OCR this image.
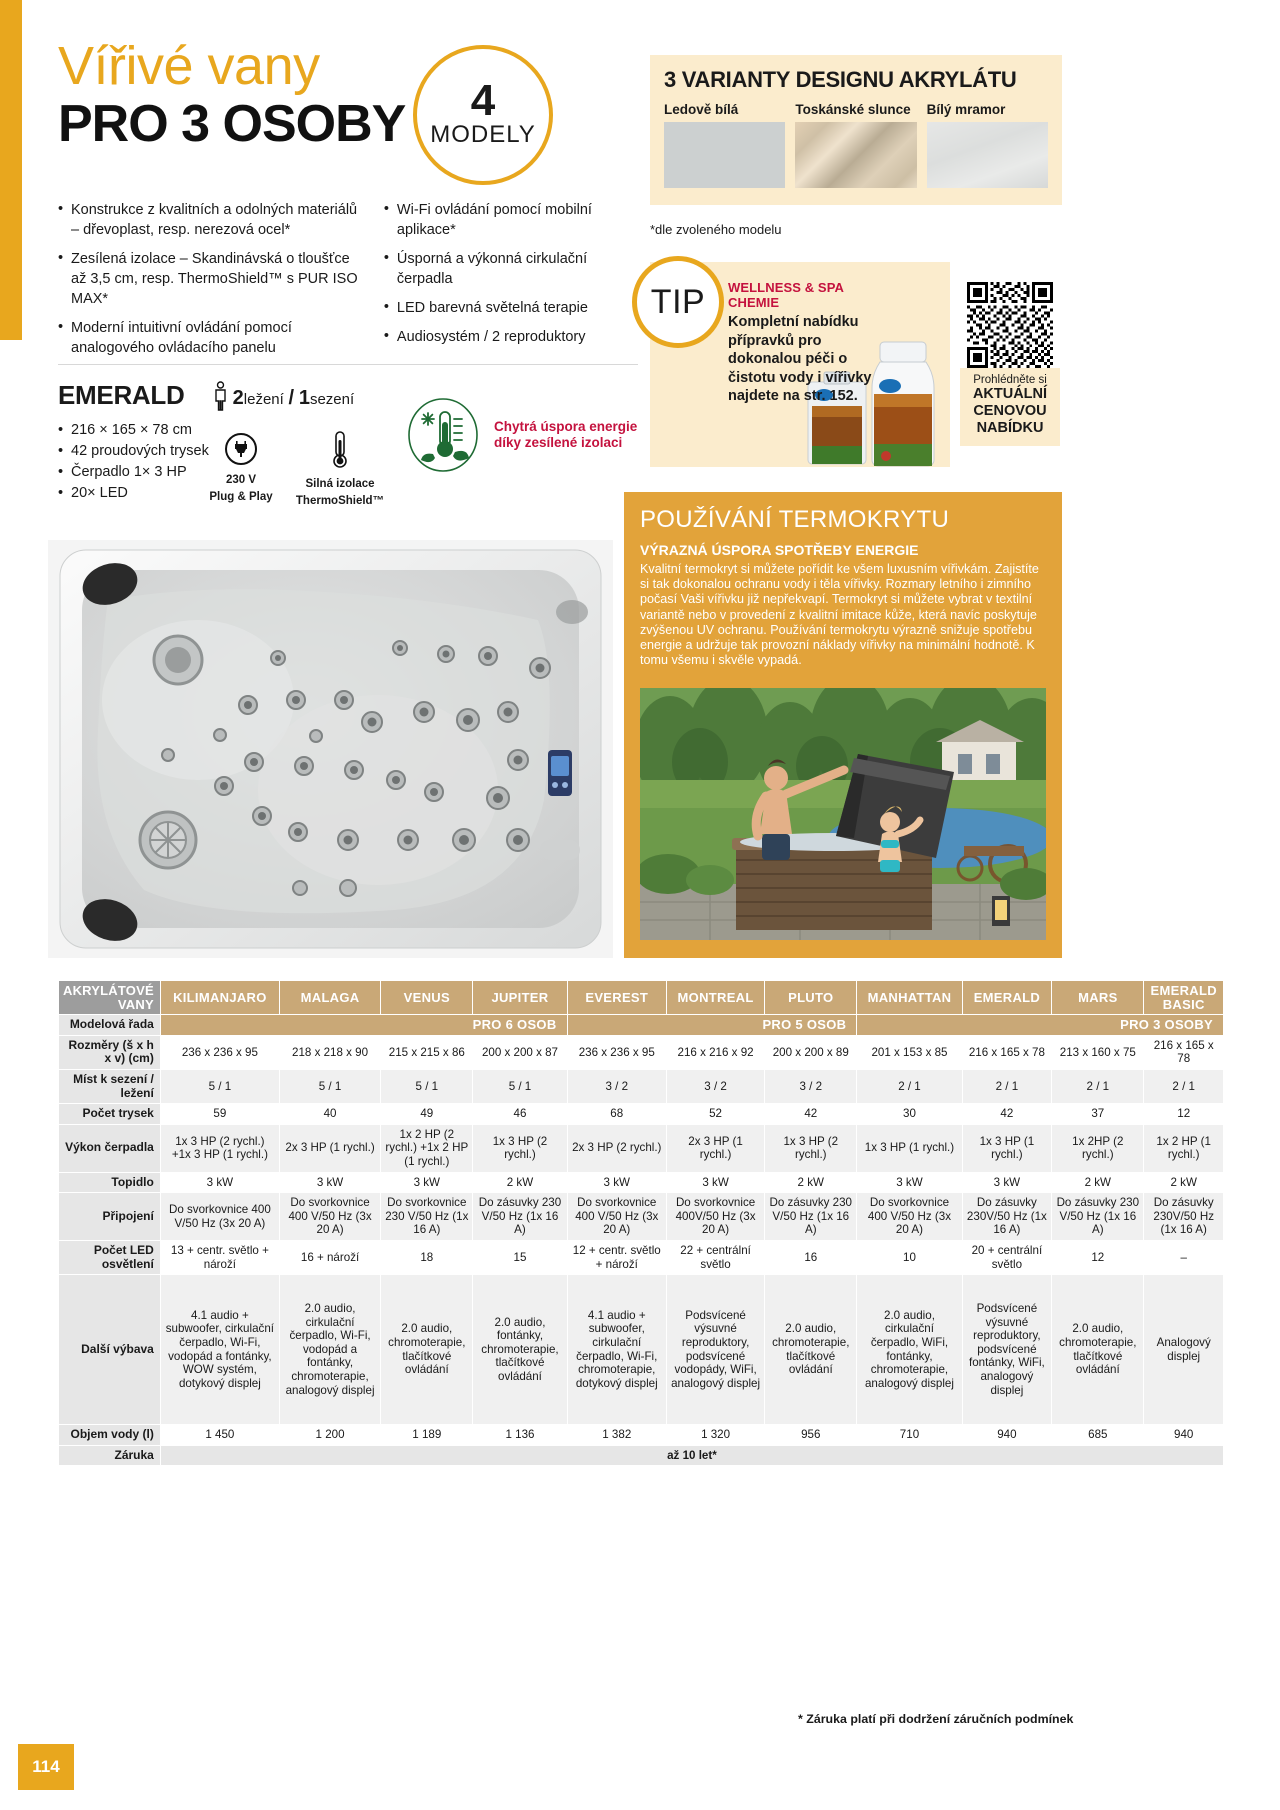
Vířivé vany
PRO 3 OSOBY	4
MODELY
• Konstrukce z kvalitních a odolných materiálů – dřevoplast, resp. nerezová ocel*
• Zesílená izolace – Skandinávská o tloušťce až 3,5 cm, resp. ThermoShield™ s PUR ISO MAX*
• Moderní intuitivní ovládání pomocí analogového ovládacího panelu
• Wi-Fi ovládání pomocí mobilní aplikace*
• Úsporná a výkonná cirkulační čerpadla
• LED barevná světelná terapie
• Audiosystém / 2 reproduktory
3 VARIANTY DESIGNU AKRYLÁTU
Ledově bílá	Toskánské slunce	Bílý mramor
*dle zvoleného modelu
TIP	WELLNESS & SPA CHEMIE
Kompletní nabídku přípravků pro dokonalou péči o čistotu vody i vířivky najdete na str. 152.
Prohlédněte si
AKTUÁLNÍ
CENOVOU
NABÍDKU
EMERALD 2ležení / 1sezení
• 216 × 165 × 78 cm
• 42 proudových trysek
• Čerpadlo 1× 3 HP
• 20× LED
230 V
Plug & Play
Silná izolace
ThermoShield™
Chytrá úspora energie
díky zesílené izolaci
POUŽÍVÁNÍ TERMOKRYTU
VÝRAZNÁ ÚSPORA SPOTŘEBY ENERGIE
Kvalitní termokryt si můžete pořídit ke všem luxusním vířivkám. Zajistíte si tak dokonalou ochranu vody i těla vířivky. Rozmary letního i zimního počasí Vaši vířivku již nepřekvapí. Termokryt si můžete vybrat v textilní variantě nebo v provedení z kvalitní imitace kůže, která navíc poskytuje zvýšenou UV ochranu. Používání termokrytu výrazně snižuje spotřebu energie a udržuje tak provozní náklady vířivky na minimální hodnotě. K tomu všemu i skvěle vypadá.
AKRYLÁTOVÉ VANY	KILIMANJARO	MALAGA	VENUS	JUPITER	EVEREST	MONTREAL	PLUTO	MANHATTAN	EMERALD	MARS	EMERALD BASIC
Modelová řada	PRO 6 OSOB				PRO 5 OSOB			PRO 3 OSOBY			
Rozměry (š x h x v) (cm)	236 x 236 x 95	218 x 218 x 90	215 x 215 x 86	200 x 200 x 87	236 x 236 x 95	216 x 216 x 92	200 x 200 x 89	201 x 153 x 85	216 x 165 x 78	213 x 160 x 75	216 x 165 x 78
Míst k sezení / ležení	5 / 1	5 / 1	5 / 1	5 / 1	3 / 2	3 / 2	3 / 2	2 / 1	2 / 1	2 / 1	2 / 1
Počet trysek	59	40	49	46	68	52	42	30	42	37	12
Výkon čerpadla	1x 3 HP (2 rychl.) +1x 3 HP (1 rychl.)	2x 3 HP (1 rychl.)	1x 2 HP (2 rychl.) +1x 2 HP (1 rychl.)	1x 3 HP (2 rychl.)	2x 3 HP (2 rychl.)	2x 3 HP (1 rychl.)	1x 3 HP (2 rychl.)	1x 3 HP (1 rychl.)	1x 3 HP (1 rychl.)	1x 2HP (2 rychl.)	1x 2 HP (1 rychl.)
Topidlo	3 kW	3 kW	3 kW	2 kW	3 kW	3 kW	2 kW	3 kW	3 kW	2 kW	2 kW
Připojení	Do svorkovnice 400 V/50 Hz (3x 20 A)	Do svorkovnice 400 V/50 Hz (3x 20 A)	Do svorkovnice 230 V/50 Hz (1x 16 A)	Do zásuvky 230 V/50 Hz (1x 16 A)	Do svorkovnice 400 V/50 Hz (3x 20 A)	Do svorkovnice 400V/50 Hz (3x 20 A)	Do zásuvky 230 V/50 Hz (1x 16 A)	Do svorkovnice 400 V/50 Hz (3x 20 A)	Do zásuvky 230V/50 Hz (1x 16 A)	Do zásuvky 230 V/50 Hz (1x 16 A)	Do zásuvky 230V/50 Hz (1x 16 A)
Počet LED osvětlení	13 + centr. světlo + nároží	16 + nároží	18	15	12 + centr. světlo + nároží	22 + centrální světlo	16	10	20 + centrální světlo	12	–
Další výbava	4.1 audio + subwoofer, cirkulační čerpadlo, Wi-Fi, vodopád a fontánky, WOW systém, dotykový displej	2.0 audio, cirkulační čerpadlo, Wi-Fi, vodopád a fontánky, chromoterapie, analogový displej	2.0 audio, chromoterapie, tlačítkové ovládání	2.0 audio, fontánky, chromoterapie, tlačítkové ovládání	4.1 audio + subwoofer, cirkulační čerpadlo, Wi-Fi, chromoterapie, dotykový displej	Podsvícené výsuvné reproduktory, podsvícené vodopády, WiFi, analogový displej	2.0 audio, chromoterapie, tlačítkové ovládání	2.0 audio, cirkulační čerpadlo, WiFi, fontánky, chromoterapie, analogový displej	Podsvícené výsuvné reproduktory, podsvícené fontánky, WiFi, analogový displej	2.0 audio, chromoterapie, tlačítkové ovládání	Analogový displej
Objem vody (l)	1 450	1 200	1 189	1 136	1 382	1 320	956	710	940	685	940
Záruka	až 10 let*										
* Záruka platí při dodržení záručních podmínek
114
